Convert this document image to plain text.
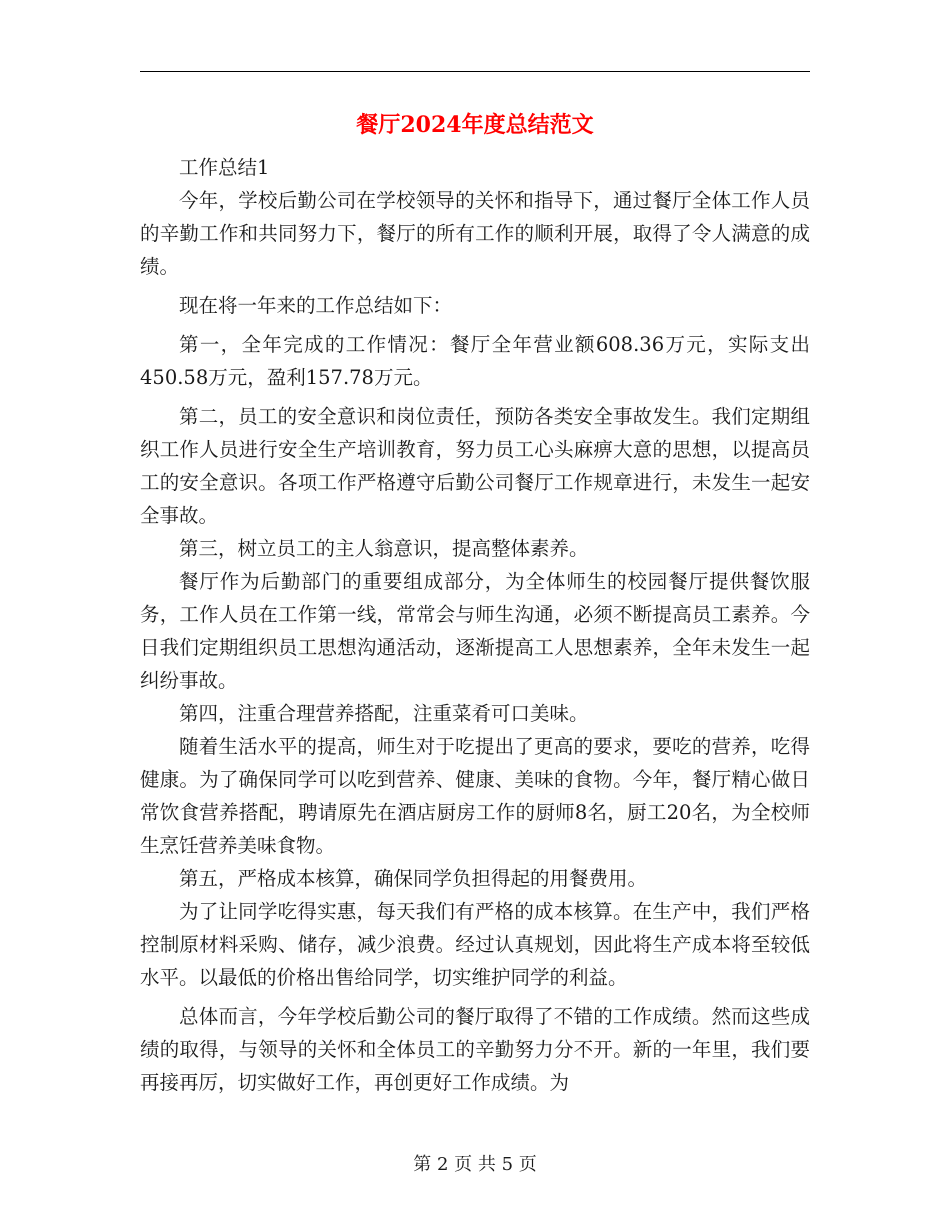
餐厅2024年度总结范文

工作总结1

今年，学校后勤公司在学校领导的关怀和指导下，通过餐厅全体工作人员的辛勤工作和共同努力下，餐厅的所有工作的顺利开展，取得了令人满意的成绩。

现在将一年来的工作总结如下：

第一，全年完成的工作情况：餐厅全年营业额608.36万元，实际支出450.58万元，盈利157.78万元。

第二，员工的安全意识和岗位责任，预防各类安全事故发生。我们定期组织工作人员进行安全生产培训教育，努力员工心头麻痹大意的思想，以提高员工的安全意识。各项工作严格遵守后勤公司餐厅工作规章进行，未发生一起安全事故。

第三，树立员工的主人翁意识，提高整体素养。

餐厅作为后勤部门的重要组成部分，为全体师生的校园餐厅提供餐饮服务，工作人员在工作第一线，常常会与师生沟通，必须不断提高员工素养。今日我们定期组织员工思想沟通活动，逐渐提高工人思想素养，全年未发生一起纠纷事故。

第四，注重合理营养搭配，注重菜肴可口美味。

随着生活水平的提高，师生对于吃提出了更高的要求，要吃的营养，吃得健康。为了确保同学可以吃到营养、健康、美味的食物。今年，餐厅精心做日常饮食营养搭配，聘请原先在酒店厨房工作的厨师8名，厨工20名，为全校师生烹饪营养美味食物。

第五，严格成本核算，确保同学负担得起的用餐费用。

为了让同学吃得实惠，每天我们有严格的成本核算。在生产中，我们严格控制原材料采购、储存，减少浪费。经过认真规划，因此将生产成本将至较低水平。以最低的价格出售给同学，切实维护同学的利益。

总体而言，今年学校后勤公司的餐厅取得了不错的工作成绩。然而这些成绩的取得，与领导的关怀和全体员工的辛勤努力分不开。新的一年里，我们要再接再厉，切实做好工作，再创更好工作成绩。为

第 2 页 共 5 页
